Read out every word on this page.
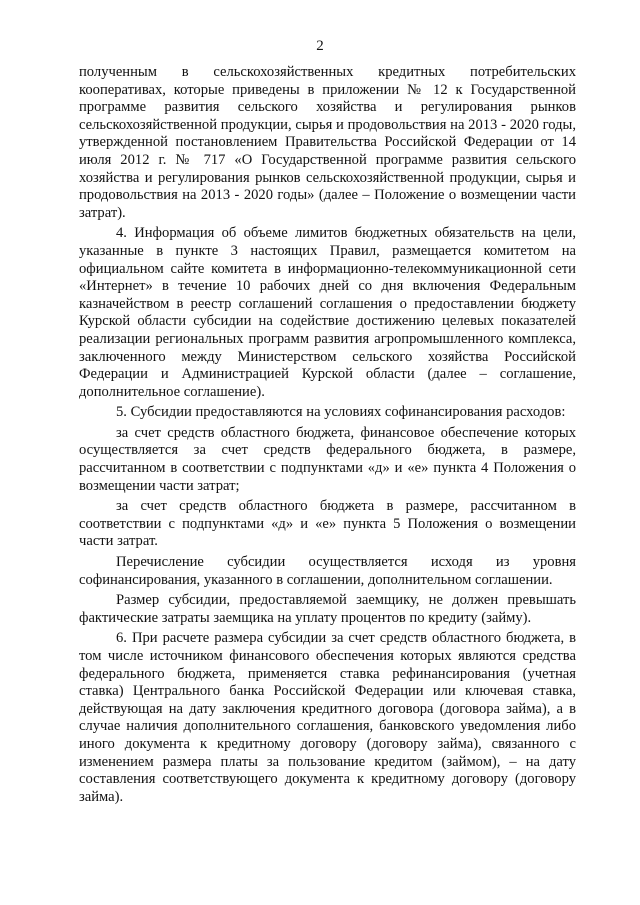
2

полученным в сельскохозяйственных кредитных потребительских кооперативах, которые приведены в приложении № 12 к Государственной программе развития сельского хозяйства и регулирования рынков сельскохозяйственной продукции, сырья и продовольствия на 2013 - 2020 годы, утвержденной постановлением Правительства Российской Федерации от 14 июля 2012 г. № 717 «О Государственной программе развития сельского хозяйства и регулирования рынков сельскохозяйственной продукции, сырья и продовольствия на 2013 - 2020 годы» (далее – Положение о возмещении части затрат).

4. Информация об объеме лимитов бюджетных обязательств на цели, указанные в пункте 3 настоящих Правил, размещается комитетом на официальном сайте комитета в информационно-телекоммуникационной сети «Интернет» в течение 10 рабочих дней со дня включения Федеральным казначейством в реестр соглашений соглашения о предоставлении бюджету Курской области субсидии на содействие достижению целевых показателей реализации региональных программ развития агропромышленного комплекса, заключенного между Министерством сельского хозяйства Российской Федерации и Администрацией Курской области (далее – соглашение, дополнительное соглашение).

5. Субсидии предоставляются на условиях софинансирования расходов:

за счет средств областного бюджета, финансовое обеспечение которых осуществляется за счет средств федерального бюджета, в размере, рассчитанном в соответствии с подпунктами «д» и «е» пункта 4 Положения о возмещении части затрат;

за счет средств областного бюджета в размере, рассчитанном в соответствии с подпунктами «д» и «е» пункта 5 Положения о возмещении части затрат.

Перечисление субсидии осуществляется исходя из уровня софинансирования, указанного в соглашении, дополнительном соглашении.

Размер субсидии, предоставляемой заемщику, не должен превышать фактические затраты заемщика на уплату процентов по кредиту (займу).

6. При расчете размера субсидии за счет средств областного бюджета, в том числе источником финансового обеспечения которых являются средства федерального бюджета, применяется ставка рефинансирования (учетная ставка) Центрального банка Российской Федерации или ключевая ставка, действующая на дату заключения кредитного договора (договора займа), а в случае наличия дополнительного соглашения, банковского уведомления либо иного документа к кредитному договору (договору займа), связанного с изменением размера платы за пользование кредитом (займом), – на дату составления соответствующего документа к кредитному договору (договору займа).
